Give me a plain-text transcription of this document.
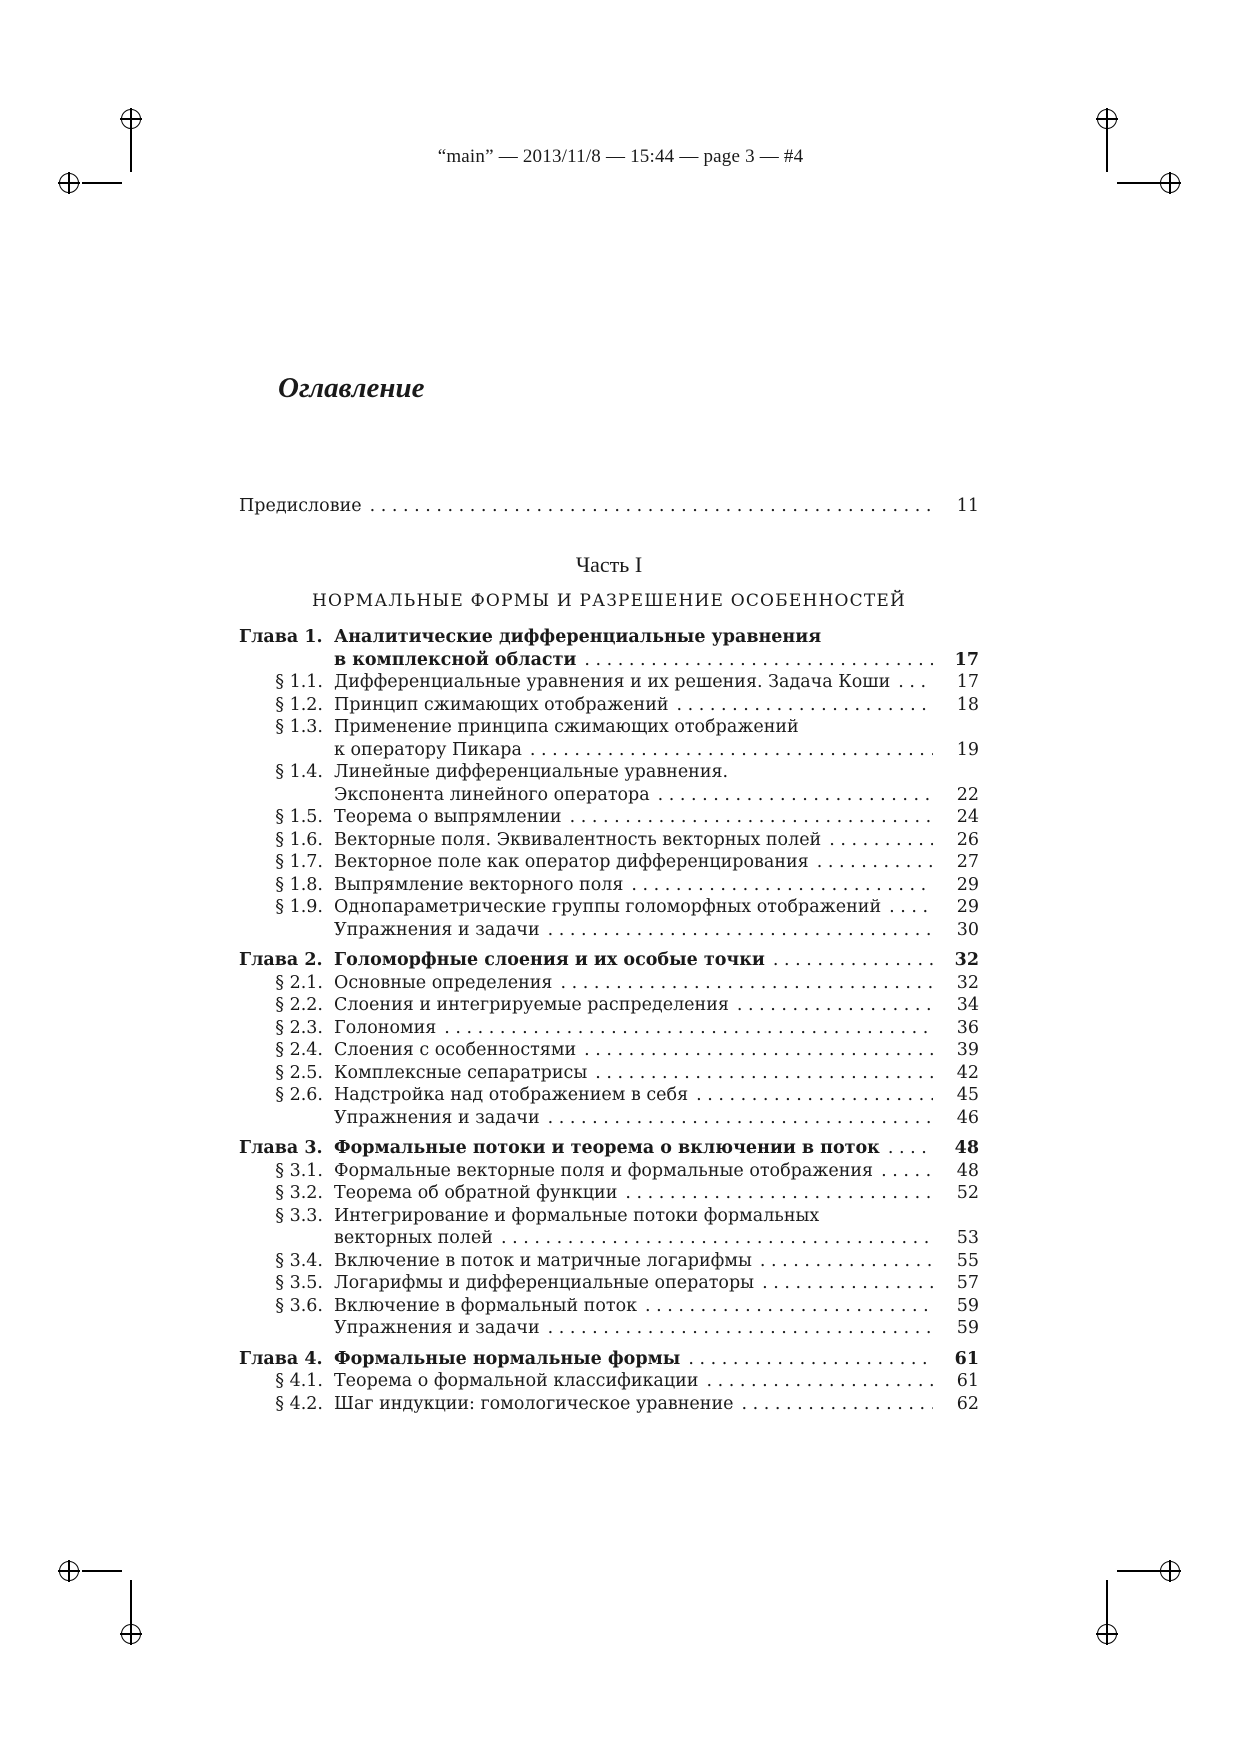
“main” — 2013/11/8 — 15:44 — page 3 — #4
Оглавление
Предисловие . . .	11
Часть I
НОРМАЛЬНЫЕ ФОРМЫ И РАЗРЕШЕНИЕ ОСОБЕННОСТЕЙ
Глава 1. Аналитические дифференциальные уравнения
в комплексной области . . .	17
§ 1.1. Дифференциальные уравнения и их решения. Задача Коши . . .	17
§ 1.2. Принцип сжимающих отображений . . .	18
§ 1.3. Применение принципа сжимающих отображений
к оператору Пикара . . .	19
§ 1.4. Линейные дифференциальные уравнения.
Экспонента линейного оператора . . .	22
§ 1.5. Теорема о выпрямлении . . .	24
§ 1.6. Векторные поля. Эквивалентность векторных полей . . .	26
§ 1.7. Векторное поле как оператор дифференцирования . . .	27
§ 1.8. Выпрямление векторного поля . . .	29
§ 1.9. Однопараметрические группы голоморфных отображений . . .	29
Упражнения и задачи . . .	30
Глава 2. Голоморфные слоения и их особые точки . . .	32
§ 2.1. Основные определения . . .	32
§ 2.2. Слоения и интегрируемые распределения . . .	34
§ 2.3. Голономия . . .	36
§ 2.4. Слоения с особенностями . . .	39
§ 2.5. Комплексные сепаратрисы . . .	42
§ 2.6. Надстройка над отображением в себя . . .	45
Упражнения и задачи . . .	46
Глава 3. Формальные потоки и теорема о включении в поток . . .	48
§ 3.1. Формальные векторные поля и формальные отображения . . .	48
§ 3.2. Теорема об обратной функции . . .	52
§ 3.3. Интегрирование и формальные потоки формальных
векторных полей . . .	53
§ 3.4. Включение в поток и матричные логарифмы . . .	55
§ 3.5. Логарифмы и дифференциальные операторы . . .	57
§ 3.6. Включение в формальный поток . . .	59
Упражнения и задачи . . .	59
Глава 4. Формальные нормальные формы . . .	61
§ 4.1. Теорема о формальной классификации . . .	61
§ 4.2. Шаг индукции: гомологическое уравнение . . .	62
